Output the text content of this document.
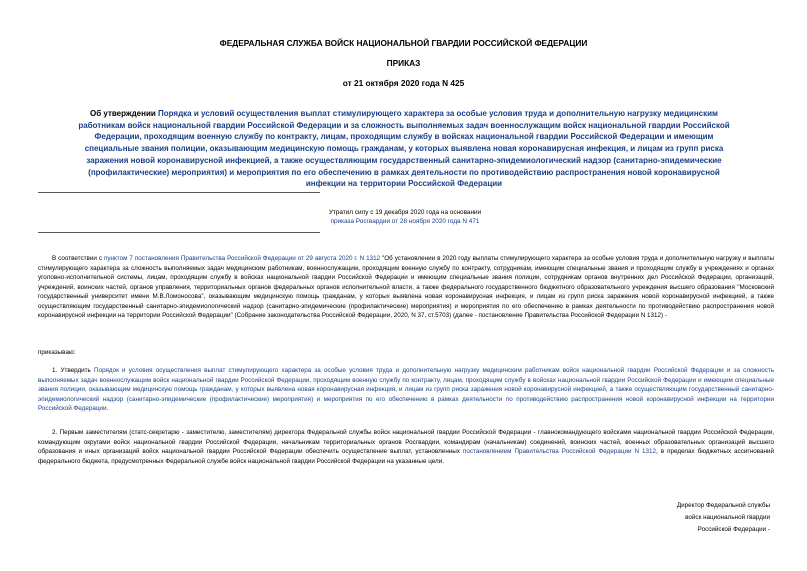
ФЕДЕРАЛЬНАЯ СЛУЖБА ВОЙСК НАЦИОНАЛЬНОЙ ГВАРДИИ РОССИЙСКОЙ ФЕДЕРАЦИИ
ПРИКАЗ
от 21 октября 2020 года N 425
Об утверждении Порядка и условий осуществления выплат стимулирующего характера за особые условия труда и дополнительную нагрузку медицинским работникам войск национальной гвардии Российской Федерации и за сложность выполняемых задач военнослужащим войск национальной гвардии Российской Федерации, проходящим военную службу по контракту, лицам, проходящим службу в войсках национальной гвардии Российской Федерации и имеющим специальные звания полиции, оказывающим медицинскую помощь гражданам, у которых выявлена новая коронавирусная инфекция, и лицам из групп риска заражения новой коронавирусной инфекцией, а также осуществляющим государственный санитарно-эпидемиологический надзор (санитарно-эпидемические (профилактические) мероприятия) и мероприятия по его обеспечению в рамках деятельности по противодействию распространения новой коронавирусной инфекции на территории Российской Федерации
Утратил силу с 19 декабря 2020 года на основании
приказа Росгвардии от 28 ноября 2020 года N 471
В соответствии с пунктом 7 постановления Правительства Российской Федерации от 29 августа 2020 г. N 1312 "Об установлении в 2020 году выплаты стимулирующего характера за особые условия труда и дополнительную нагрузку и выплаты стимулирующего характера за сложность выполняемых задач медицинским работникам, военнослужащим, проходящим военную службу по контракту, сотрудникам, имеющим специальные звания и проходящим службу в учреждениях и органах уголовно-исполнительной системы, лицам, проходящим службу в войсках национальной гвардии Российской Федерации и имеющим специальные звания полиции, сотрудникам органов внутренних дел Российской Федерации, организаций, учреждений, воинских частей, органов управления, территориальных органов федеральных органов исполнительной власти, а также федерального государственного бюджетного образовательного учреждения высшего образования "Московский государственный университет имени М.В.Ломоносова", оказывающим медицинскую помощь гражданам, у которых выявлена новая коронавирусная инфекция, и лицам из групп риска заражения новой коронавирусной инфекцией, а также осуществляющим государственный санитарно-эпидемиологический надзор (санитарно-эпидемические (профилактические) мероприятия) и мероприятия по его обеспечению в рамках деятельности по противодействию распространения новой коронавирусной инфекции на территории Российской Федерации" (Собрание законодательства Российской Федерации, 2020, N 37, ст.5703) (далее - постановление Правительства Российской Федерации N 1312) -
приказываю:
1. Утвердить Порядок и условия осуществления выплат стимулирующего характера за особые условия труда и дополнительную нагрузку медицинским работникам войск национальной гвардии Российской Федерации и за сложность выполняемых задач военнослужащим войск национальной гвардии Российской Федерации, проходящим военную службу по контракту, лицам, проходящим службу в войсках национальной гвардии Российской Федерации и имеющим специальные звания полиции, оказывающим медицинскую помощь гражданам, у которых выявлена новая коронавирусная инфекция, и лицам из групп риска заражения новой коронавирусной инфекцией, а также осуществляющим государственный санитарно-эпидемиологический надзор (санитарно-эпидемические (профилактические) мероприятия) и мероприятия по его обеспечению в рамках деятельности по противодействию распространения новой коронавирусной инфекции на территории Российской Федерации.
2. Первым заместителям (статс-секретарю - заместителю, заместителям) директора Федеральной службы войск национальной гвардии Российской Федерации - главнокомандующего войсками национальной гвардии Российской Федерации, командующим округами войск национальной гвардии Российской Федерации, начальникам территориальных органов Росгвардии, командирам (начальникам) соединений, воинских частей, военных образовательных организаций высшего образования и иных организаций войск национальной гвардии Российской Федерации обеспечить осуществление выплат, установленных постановлением Правительства Российской Федерации N 1312, в пределах бюджетных ассигнований федерального бюджета, предусмотренных Федеральной службе войск национальной гвардии Российской Федерации на указанные цели.
Директор Федеральной службы
войск национальной гвардии
Российской Федерации -
